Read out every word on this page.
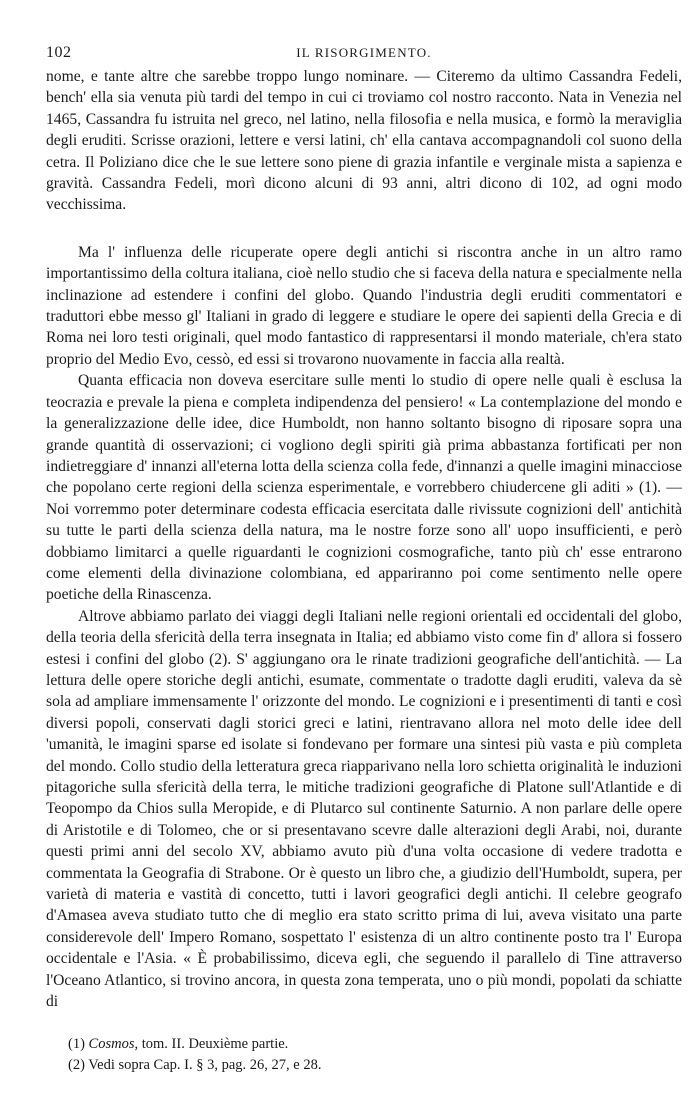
102	IL RISORGIMENTO.

nome, e tante altre che sarebbe troppo lungo nominare. — Citeremo da ultimo Cassandra Fedeli, bench' ella sia venuta più tardi del tempo in cui ci troviamo col nostro racconto. Nata in Venezia nel 1465, Cassandra fu istruita nel greco, nel latino, nella filosofia e nella musica, e formò la meraviglia degli eruditi. Scrisse orazioni, lettere e versi latini, ch' ella cantava accompagnandoli col suono della cetra. Il Poliziano dice che le sue lettere sono piene di grazia infantile e verginale mista a sapienza e gravità. Cassandra Fedeli, morì dicono alcuni di 93 anni, altri dicono di 102, ad ogni modo vecchissima.

Ma l' influenza delle ricuperate opere degli antichi si riscontra anche in un altro ramo importantissimo della coltura italiana, cioè nello studio che si faceva della natura e specialmente nella inclinazione ad estendere i confini del globo. Quando l'industria degli eruditi commentatori e traduttori ebbe messo gl' Italiani in grado di leggere e studiare le opere dei sapienti della Grecia e di Roma nei loro testi originali, quel modo fantastico di rappresentarsi il mondo materiale, ch'era stato proprio del Medio Evo, cessò, ed essi si trovarono nuovamente in faccia alla realtà.

Quanta efficacia non doveva esercitare sulle menti lo studio di opere nelle quali è esclusa la teocrazia e prevale la piena e completa indipendenza del pensiero! « La contemplazione del mondo e la generalizzazione delle idee, dice Humboldt, non hanno soltanto bisogno di riposare sopra una grande quantità di osservazioni; ci vogliono degli spiriti già prima abbastanza fortificati per non indietreggiare d' innanzi all'eterna lotta della scienza colla fede, d'innanzi a quelle imagini minacciose che popolano certe regioni della scienza esperimentale, e vorrebbero chiudercene gli aditi » (1). — Noi vorremmo poter determinare codesta efficacia esercitata dalle rivissute cognizioni dell' antichità su tutte le parti della scienza della natura, ma le nostre forze sono all' uopo insufficienti, e però dobbiamo limitarci a quelle riguardanti le cognizioni cosmografiche, tanto più ch' esse entrarono come elementi della divinazione colombiana, ed appariranno poi come sentimento nelle opere poetiche della Rinascenza.

Altrove abbiamo parlato dei viaggi degli Italiani nelle regioni orientali ed occidentali del globo, della teoria della sfericità della terra insegnata in Italia; ed abbiamo visto come fin d' allora si fossero estesi i confini del globo (2). S' aggiungano ora le rinate tradizioni geografiche dell'antichità. — La lettura delle opere storiche degli antichi, esumate, commentate o tradotte dagli eruditi, valeva da sè sola ad ampliare immensamente l' orizzonte del mondo. Le cognizioni e i presentimenti di tanti e così diversi popoli, conservati dagli storici greci e latini, rientravano allora nel moto delle idee dell 'umanità, le imagini sparse ed isolate si fondevano per formare una sintesi più vasta e più completa del mondo. Collo studio della letteratura greca riapparivano nella loro schietta originalità le induzioni pitagoriche sulla sfericità della terra, le mitiche tradizioni geografiche di Platone sull'Atlantide e di Teopompo da Chios sulla Meropide, e di Plutarco sul continente Saturnio. A non parlare delle opere di Aristotile e di Tolomeo, che or si presentavano scevre dalle alterazioni degli Arabi, noi, durante questi primi anni del secolo XV, abbiamo avuto più d'una volta occasione di vedere tradotta e commentata la Geografia di Strabone. Or è questo un libro che, a giudizio dell'Humboldt, supera, per varietà di materia e vastità di concetto, tutti i lavori geografici degli antichi. Il celebre geografo d'Amasea aveva studiato tutto che di meglio era stato scritto prima di lui, aveva visitato una parte considerevole dell' Impero Romano, sospettato l' esistenza di un altro continente posto tra l' Europa occidentale e l'Asia. « È probabilissimo, diceva egli, che seguendo il parallelo di Tine attraverso l'Oceano Atlantico, si trovino ancora, in questa zona temperata, uno o più mondi, popolati da schiatte di

(1) Cosmos, tom. II. Deuxième partie.
(2) Vedi sopra Cap. I. § 3, pag. 26, 27, e 28.
